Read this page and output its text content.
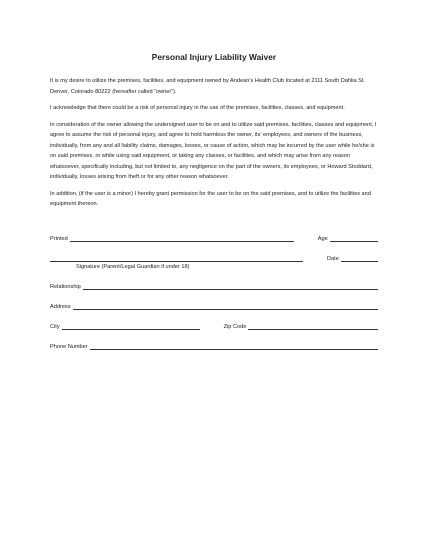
Personal Injury Liability Waiver

It is my desire to utilize the premises, facilities, and equipment owned by Andean’s Health Club located at 2111 South Dahlia St. Denver, Colorado 80222 (hereafter called “owner”).

I acknowledge that there could be a risk of personal injury in the use of the premises, facilities, classes, and equipment.

In consideration of the owner allowing the undersigned user to be on and to utilize said premises, facilities, classes and equipment, I agree to assume the risk of personal injury, and agree to hold harmless the owner, its’ employees, and owners of the business, individually, from any and all liability claims, damages, losses, or cause of action, which may be incurred by the user while he/she is on said premises, or while using said equipment, or taking any classes, or facilities, and which may arise from any reason whatsoever, specifically including, but not limited to, any negligence on the part of the owners, its employees, or Howard Stoddard, individually, losses arising from theft or for any other reason whatsoever.

In addition, (if the user is a minor) I hereby grant permission for the user to be on the said premises, and to utilize the facilities and equipment thereon.

Printed	Age
Date
Signature (Parent/Legal Guardian if under 18)
Relationship
Address
City	Zip Code
Phone Number
